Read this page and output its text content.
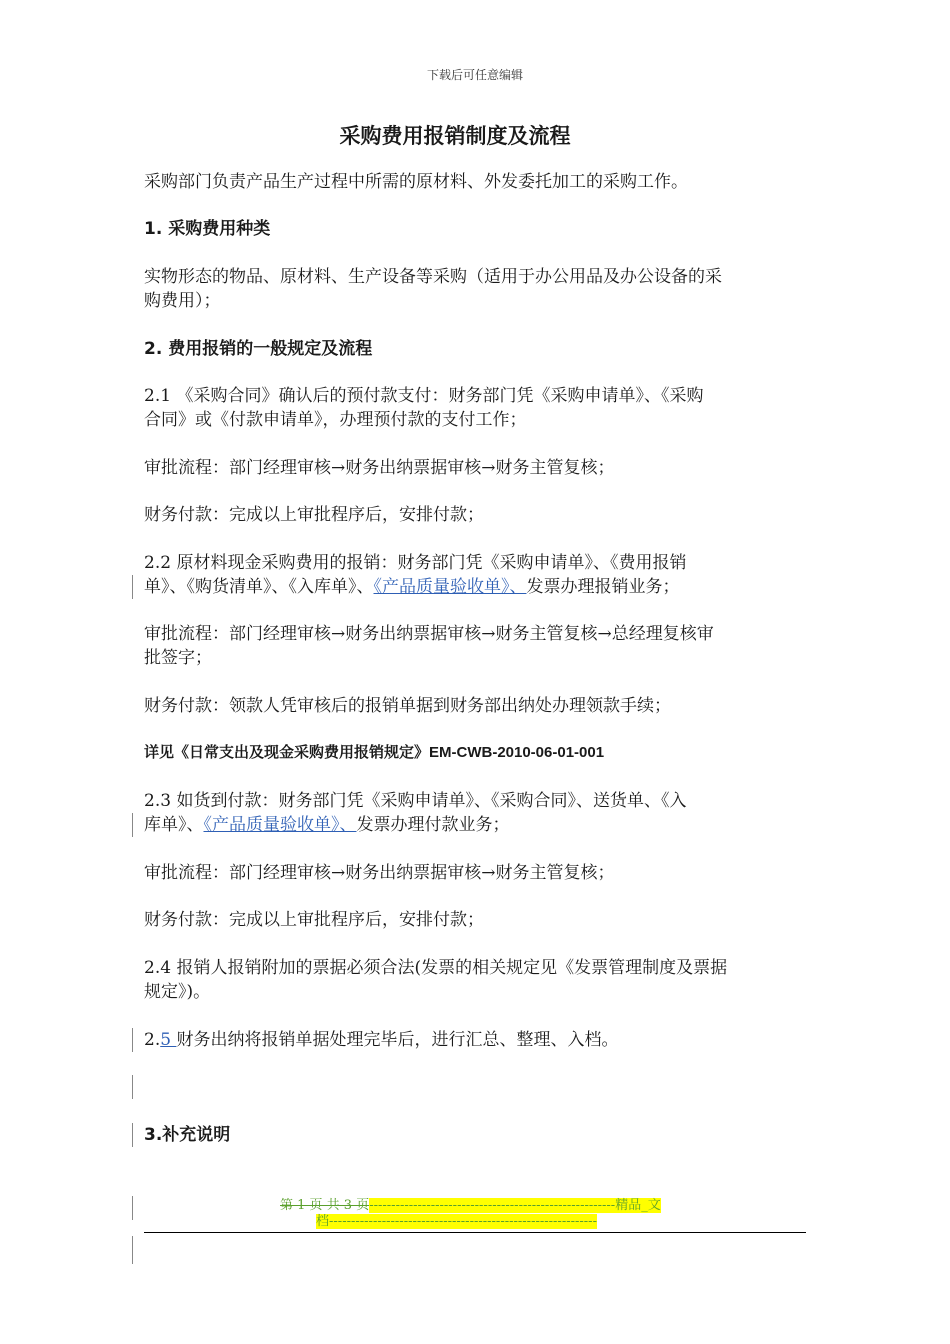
下载后可任意编辑
采购费用报销制度及流程
采购部门负责产品生产过程中所需的原材料、外发委托加工的采购工作。
1. 采购费用种类
实物形态的物品、原材料、生产设备等采购（适用于办公用品及办公设备的采
购费用）；
2. 费用报销的一般规定及流程
2.1 《采购合同》确认后的预付款支付：财务部门凭《采购申请单》、《采购
合同》或《付款申请单》，办理预付款的支付工作；
审批流程：部门经理审核→财务出纳票据审核→财务主管复核；
财务付款：完成以上审批程序后，安排付款；
2.2 原材料现金采购费用的报销：财务部门凭《采购申请单》、《费用报销
单》、《购货清单》、《入库单》、《产品质量验收单》、发票办理报销业务；
审批流程：部门经理审核→财务出纳票据审核→财务主管复核→总经理复核审
批签字；
财务付款：领款人凭审核后的报销单据到财务部出纳处办理领款手续；
详见《日常支出及现金采购费用报销规定》EM-CWB-2010-06-01-001
2.3 如货到付款：财务部门凭《采购申请单》、《采购合同》、送货单、《入
库单》、《产品质量验收单》、发票办理付款业务；
审批流程：部门经理审核→财务出纳票据审核→财务主管复核；
财务付款：完成以上审批程序后，安排付款；
2.4 报销人报销附加的票据必须合法(发票的相关规定见《发票管理制度及票据
规定》)。
2.5 财务出纳将报销单据处理完毕后，进行汇总、整理、入档。
3.补充说明
第 1 页 共 3 页--------------------------------------------------------精品_文
档-------------------------------------------------------------
